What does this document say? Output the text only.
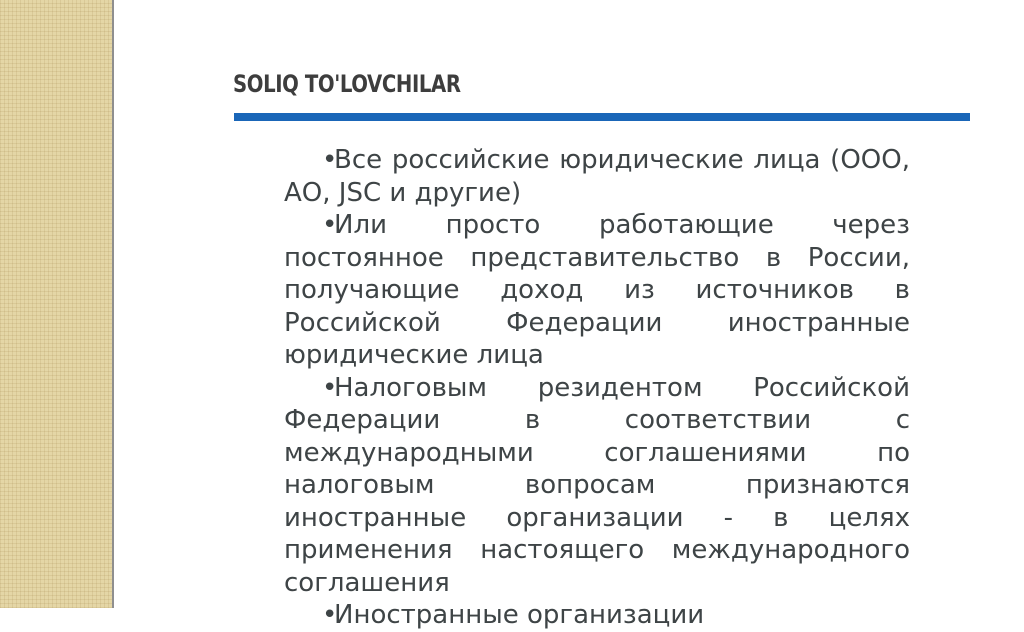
SOLIQ TO'LOVCHILAR

•Все российские юридические лица (ООО, АО, JSC и другие)

•Или просто работающие через постоянное представительство в России, получающие доход из источников в Российской Федерации иностранные юридические лица

•Налоговым резидентом Российской Федерации в соответствии с международными соглашениями по налоговым вопросам признаются иностранные организации - в целях применения настоящего международного соглашения

•Иностранные организации
